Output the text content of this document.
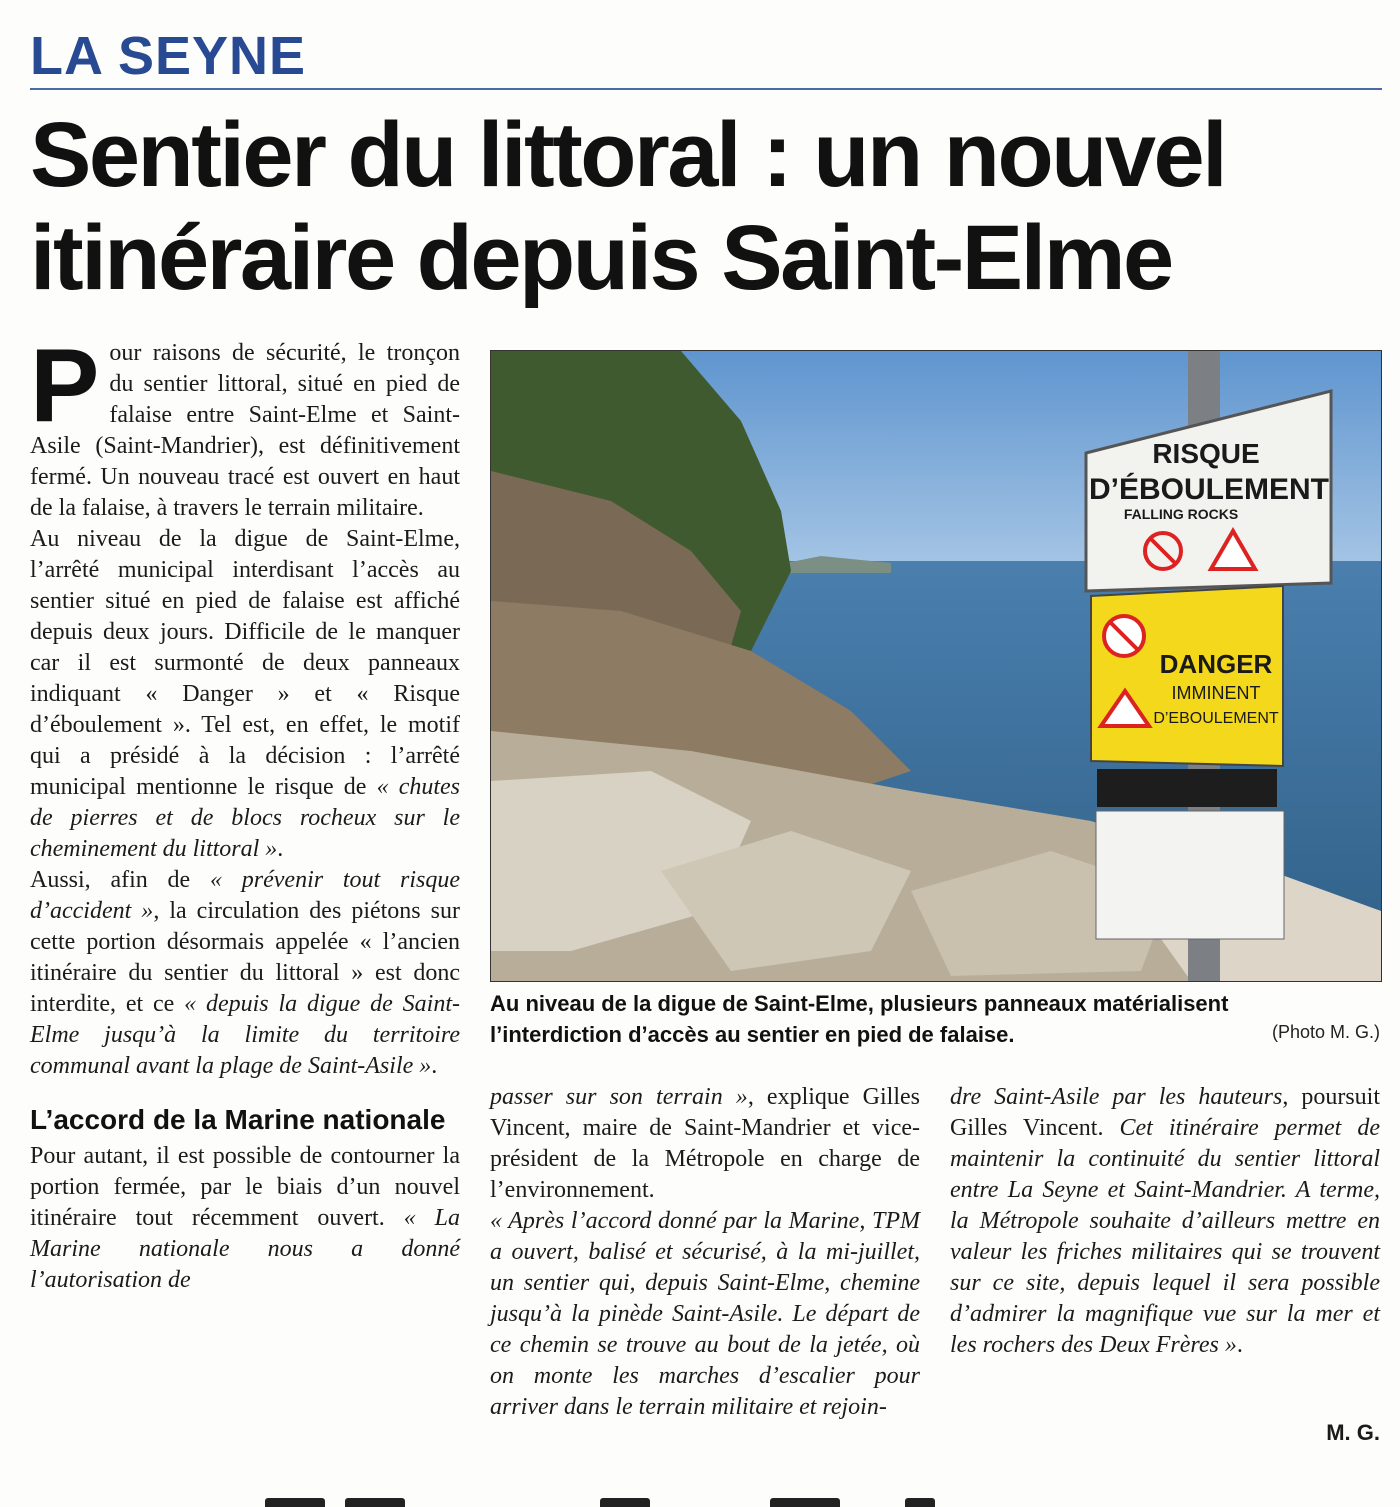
LA SEYNE
Sentier du littoral : un nouvel
itinéraire depuis Saint-Elme

Pour raisons de sécurité, le tronçon du sentier littoral, situé en pied de falaise entre Saint-Elme et Saint-Asile (Saint-Mandrier), est définitivement fermé. Un nouveau tracé est ouvert en haut de la falaise, à travers le terrain militaire.

Au niveau de la digue de Saint-Elme, l’arrêté municipal interdisant l’accès au sentier situé en pied de falaise est affiché depuis deux jours. Difficile de le manquer car il est surmonté de deux panneaux indiquant « Danger » et « Risque d’éboulement ». Tel est, en effet, le motif qui a présidé à la décision : l’arrêté municipal mentionne le risque de « chutes de pierres et de blocs rocheux sur le cheminement du littoral ».

Aussi, afin de « prévenir tout risque d’accident », la circulation des piétons sur cette portion désormais appelée « l’ancien itinéraire du sentier du littoral » est donc interdite, et ce « depuis la digue de Saint-Elme jusqu’à la limite du territoire communal avant la plage de Saint-Asile ».

L’accord de la Marine nationale

Pour autant, il est possible de contourner la portion fermée, par le biais d’un nouvel itinéraire tout récemment ouvert. « La Marine nationale nous a donné l’autorisation de

RISQUE
D’ÉBOULEMENT
FALLING ROCKS
DANGER
IMMINENT
D’EBOULEMENT
Au niveau de la digue de Saint-Elme, plusieurs panneaux matérialisent
l’interdiction d’accès au sentier en pied de falaise.	(Photo M. G.)

passer sur son terrain », explique Gilles Vincent, maire de Saint-Mandrier et vice-président de la Métropole en charge de l’environnement.

« Après l’accord donné par la Marine, TPM a ouvert, balisé et sécurisé, à la mi-juillet, un sentier qui, depuis Saint-Elme, chemine jusqu’à la pinède Saint-Asile. Le départ de ce chemin se trouve au bout de la jetée, où on monte les marches d’escalier pour arriver dans le terrain militaire et rejoin-

dre Saint-Asile par les hauteurs, poursuit Gilles Vincent. Cet itinéraire permet de maintenir la continuité du sentier littoral entre La Seyne et Saint-Mandrier. A terme, la Métropole souhaite d’ailleurs mettre en valeur les friches militaires qui se trouvent sur ce site, depuis lequel il sera possible d’admirer la magnifique vue sur la mer et les rochers des Deux Frères ».

M. G.
